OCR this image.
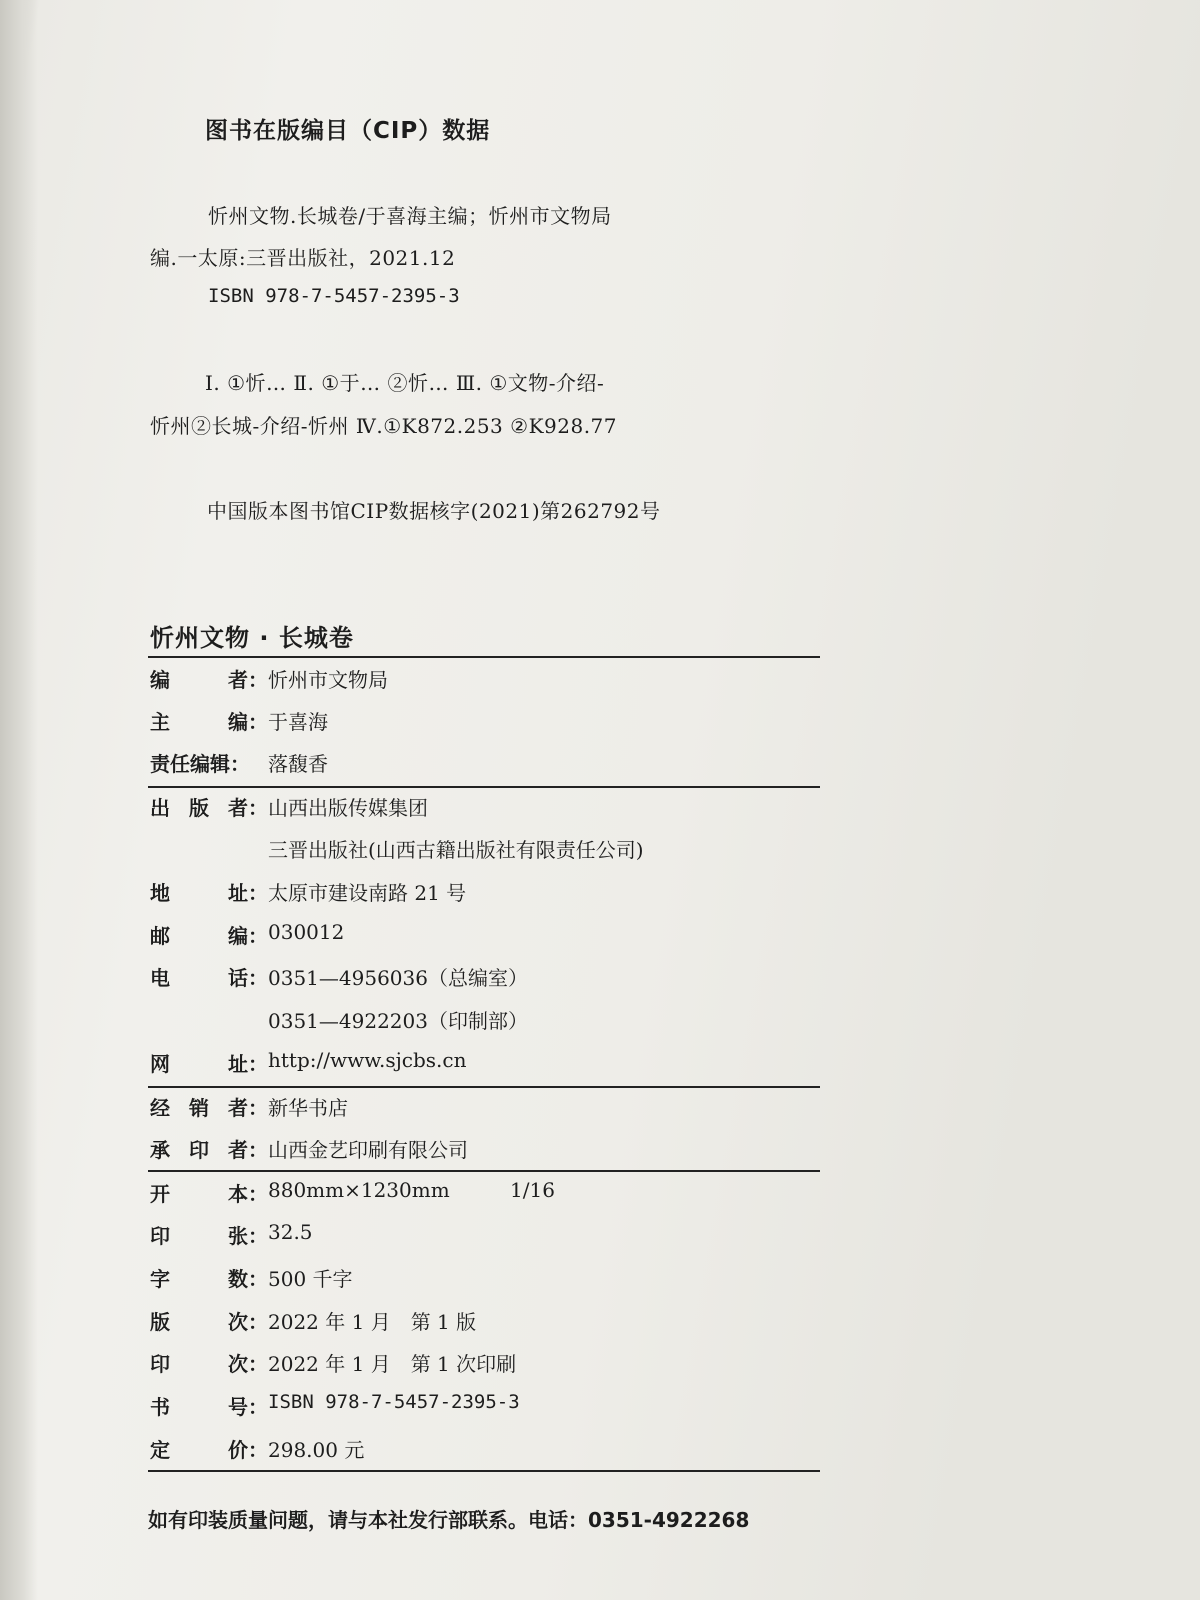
图书在版编目（CIP）数据
忻州文物.长城卷/于喜海主编；忻州市文物局
编.一太原:三晋出版社，2021.12
ISBN 978-7-5457-2395-3
Ⅰ. ①忻… Ⅱ. ①于… ②忻… Ⅲ. ①文物-介绍-
忻州②长城-介绍-忻州 Ⅳ.①K872.253 ②K928.77
中国版本图书馆CIP数据核字(2021)第262792号
忻州文物 · 长城卷
编	者： 忻州市文物局
主	编： 于喜海
责任编辑： 落馥香
出 版 者： 山西出版传媒集团
三晋出版社(山西古籍出版社有限责任公司)
地	址： 太原市建设南路 21 号
邮	编： 030012
电	话： 0351—4956036（总编室）
0351—4922203（印制部）
网	址： http://www.sjcbs.cn
经 销 者： 新华书店
承 印 者： 山西金艺印刷有限公司
开	本： 880mm×1230mm	1/16
印	张： 32.5
字	数： 500 千字
版	次： 2022 年 1 月　第 1 版
印	次： 2022 年 1 月　第 1 次印刷
书	号： ISBN 978-7-5457-2395-3
定	价： 298.00 元
如有印装质量问题，请与本社发行部联系。电话：0351-4922268
